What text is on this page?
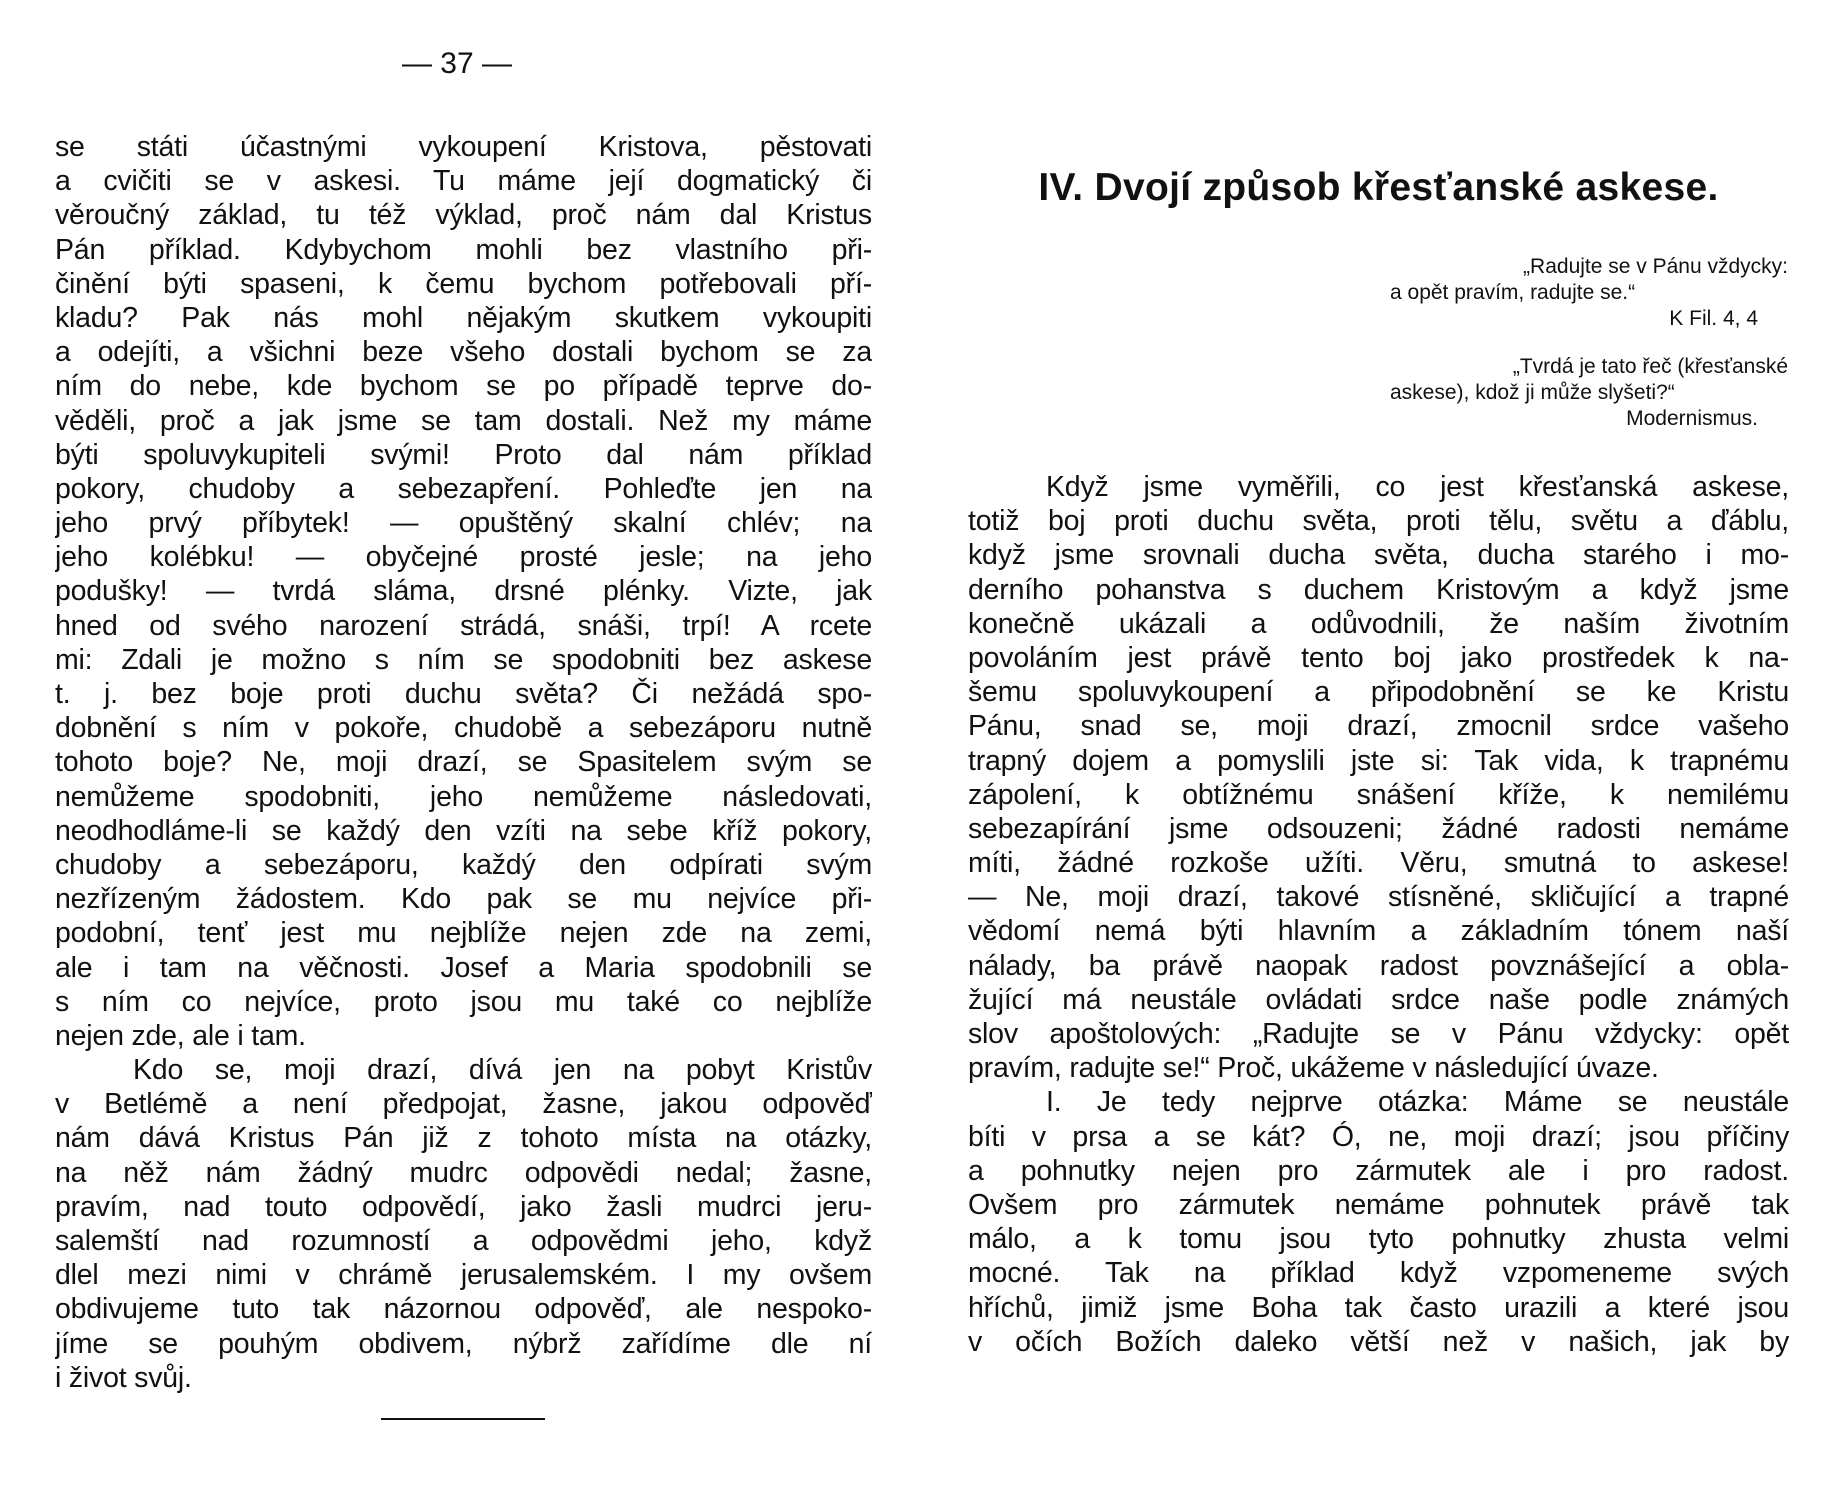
— 37 —
se státi účastnými vykoupení Kristova, pěstovati
a cvičiti se v askesi. Tu máme její dogmatický či
věroučný základ, tu též výklad, proč nám dal Kristus
Pán příklad. Kdybychom mohli bez vlastního při-
činění býti spaseni, k čemu bychom potřebovali pří-
kladu? Pak nás mohl nějakým skutkem vykoupiti
a odejíti, a všichni beze všeho dostali bychom se za
ním do nebe, kde bychom se po případě teprve do-
věděli, proč a jak jsme se tam dostali. Než my máme
býti spoluvykupiteli svými! Proto dal nám příklad
pokory, chudoby a sebezapření. Pohleďte jen na
jeho prvý příbytek! — opuštěný skalní chlév; na
jeho kolébku! — obyčejné prosté jesle; na jeho
podušky! — tvrdá sláma, drsné plénky. Vizte, jak
hned od svého narození strádá, snáši, trpí! A rcete
mi: Zdali je možno s ním se spodobniti bez askese
t. j. bez boje proti duchu světa? Či nežádá spo-
dobnění s ním v pokoře, chudobě a sebezáporu nutně
tohoto boje? Ne, moji drazí, se Spasitelem svým se
nemůžeme spodobniti, jeho nemůžeme následovati,
neodhodláme-li se každý den vzíti na sebe kříž pokory,
chudoby a sebezáporu, každý den odpírati svým
nezřízeným žádostem. Kdo pak se mu nejvíce při-
podobní, tenť jest mu nejblíže nejen zde na zemi,
ale i tam na věčnosti. Josef a Maria spodobnili se
s ním co nejvíce, proto jsou mu také co nejblíže
nejen zde, ale i tam.
Kdo se, moji drazí, dívá jen na pobyt Kristův
v Betlémě a není předpojat, žasne, jakou odpověď
nám dává Kristus Pán již z tohoto místa na otázky,
na něž nám žádný mudrc odpovědi nedal; žasne,
pravím, nad touto odpovědí, jako žasli mudrci jeru-
salemští nad rozumností a odpovědmi jeho, když
dlel mezi nimi v chrámě jerusalemském. I my ovšem
obdivujeme tuto tak názornou odpověď, ale nespoko-
jíme se pouhým obdivem, nýbrž zařídíme dle ní
i život svůj.
IV. Dvojí způsob křesťanské askese.
„Radujte se v Pánu vždycky:
a opět pravím, radujte se.“
K Fil. 4, 4
„Tvrdá je tato řeč (křesťanské
askese), kdož ji může slyšeti?“
Modernismus.
Když jsme vyměřili, co jest křesťanská askese,
totiž boj proti duchu světa, proti tělu, světu a ďáblu,
když jsme srovnali ducha světa, ducha starého i mo-
derního pohanstva s duchem Kristovým a když jsme
konečně ukázali a odůvodnili, že naším životním
povoláním jest právě tento boj jako prostředek k na-
šemu spoluvykoupení a připodobnění se ke Kristu
Pánu, snad se, moji drazí, zmocnil srdce vašeho
trapný dojem a pomyslili jste si: Tak vida, k trapnému
zápolení, k obtížnému snášení kříže, k nemilému
sebezapírání jsme odsouzeni; žádné radosti nemáme
míti, žádné rozkoše užíti. Věru, smutná to askese!
— Ne, moji drazí, takové stísněné, skličující a trapné
vědomí nemá býti hlavním a základním tónem naší
nálady, ba právě naopak radost povznášející a obla-
žující má neustále ovládati srdce naše podle známých
slov apoštolových: „Radujte se v Pánu vždycky: opět
pravím, radujte se!“ Proč, ukážeme v následující úvaze.
I. Je tedy nejprve otázka: Máme se neustále
bíti v prsa a se kát? Ó, ne, moji drazí; jsou příčiny
a pohnutky nejen pro zármutek ale i pro radost.
Ovšem pro zármutek nemáme pohnutek právě tak
málo, a k tomu jsou tyto pohnutky zhusta velmi
mocné. Tak na příklad když vzpomeneme svých
hříchů, jimiž jsme Boha tak často urazili a které jsou
v očích Božích daleko větší než v našich, jak by
